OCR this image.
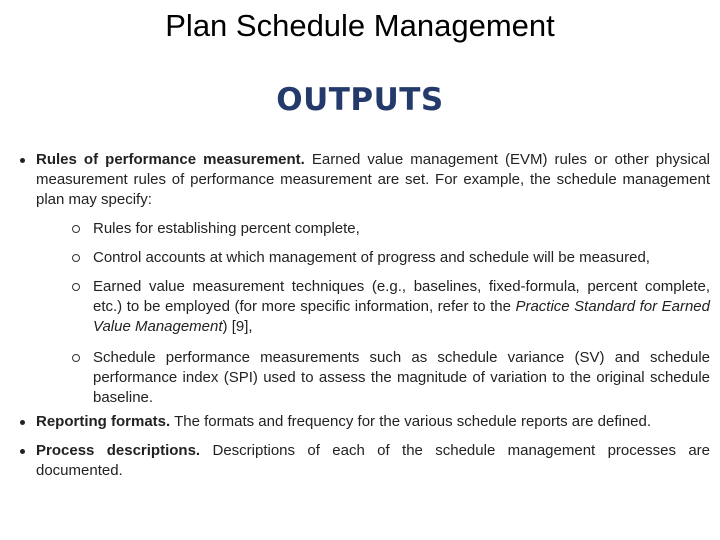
Plan Schedule Management
OUTPUTS
Rules of performance measurement. Earned value management (EVM) rules or other physical measurement rules of performance measurement are set. For example, the schedule management plan may specify:
Rules for establishing percent complete,
Control accounts at which management of progress and schedule will be measured,
Earned value measurement techniques (e.g., baselines, fixed-formula, percent complete, etc.) to be employed (for more specific information, refer to the Practice Standard for Earned Value Management) [9],
Schedule performance measurements such as schedule variance (SV) and schedule performance index (SPI) used to assess the magnitude of variation to the original schedule baseline.
Reporting formats. The formats and frequency for the various schedule reports are defined.
Process descriptions. Descriptions of each of the schedule management processes are documented.
